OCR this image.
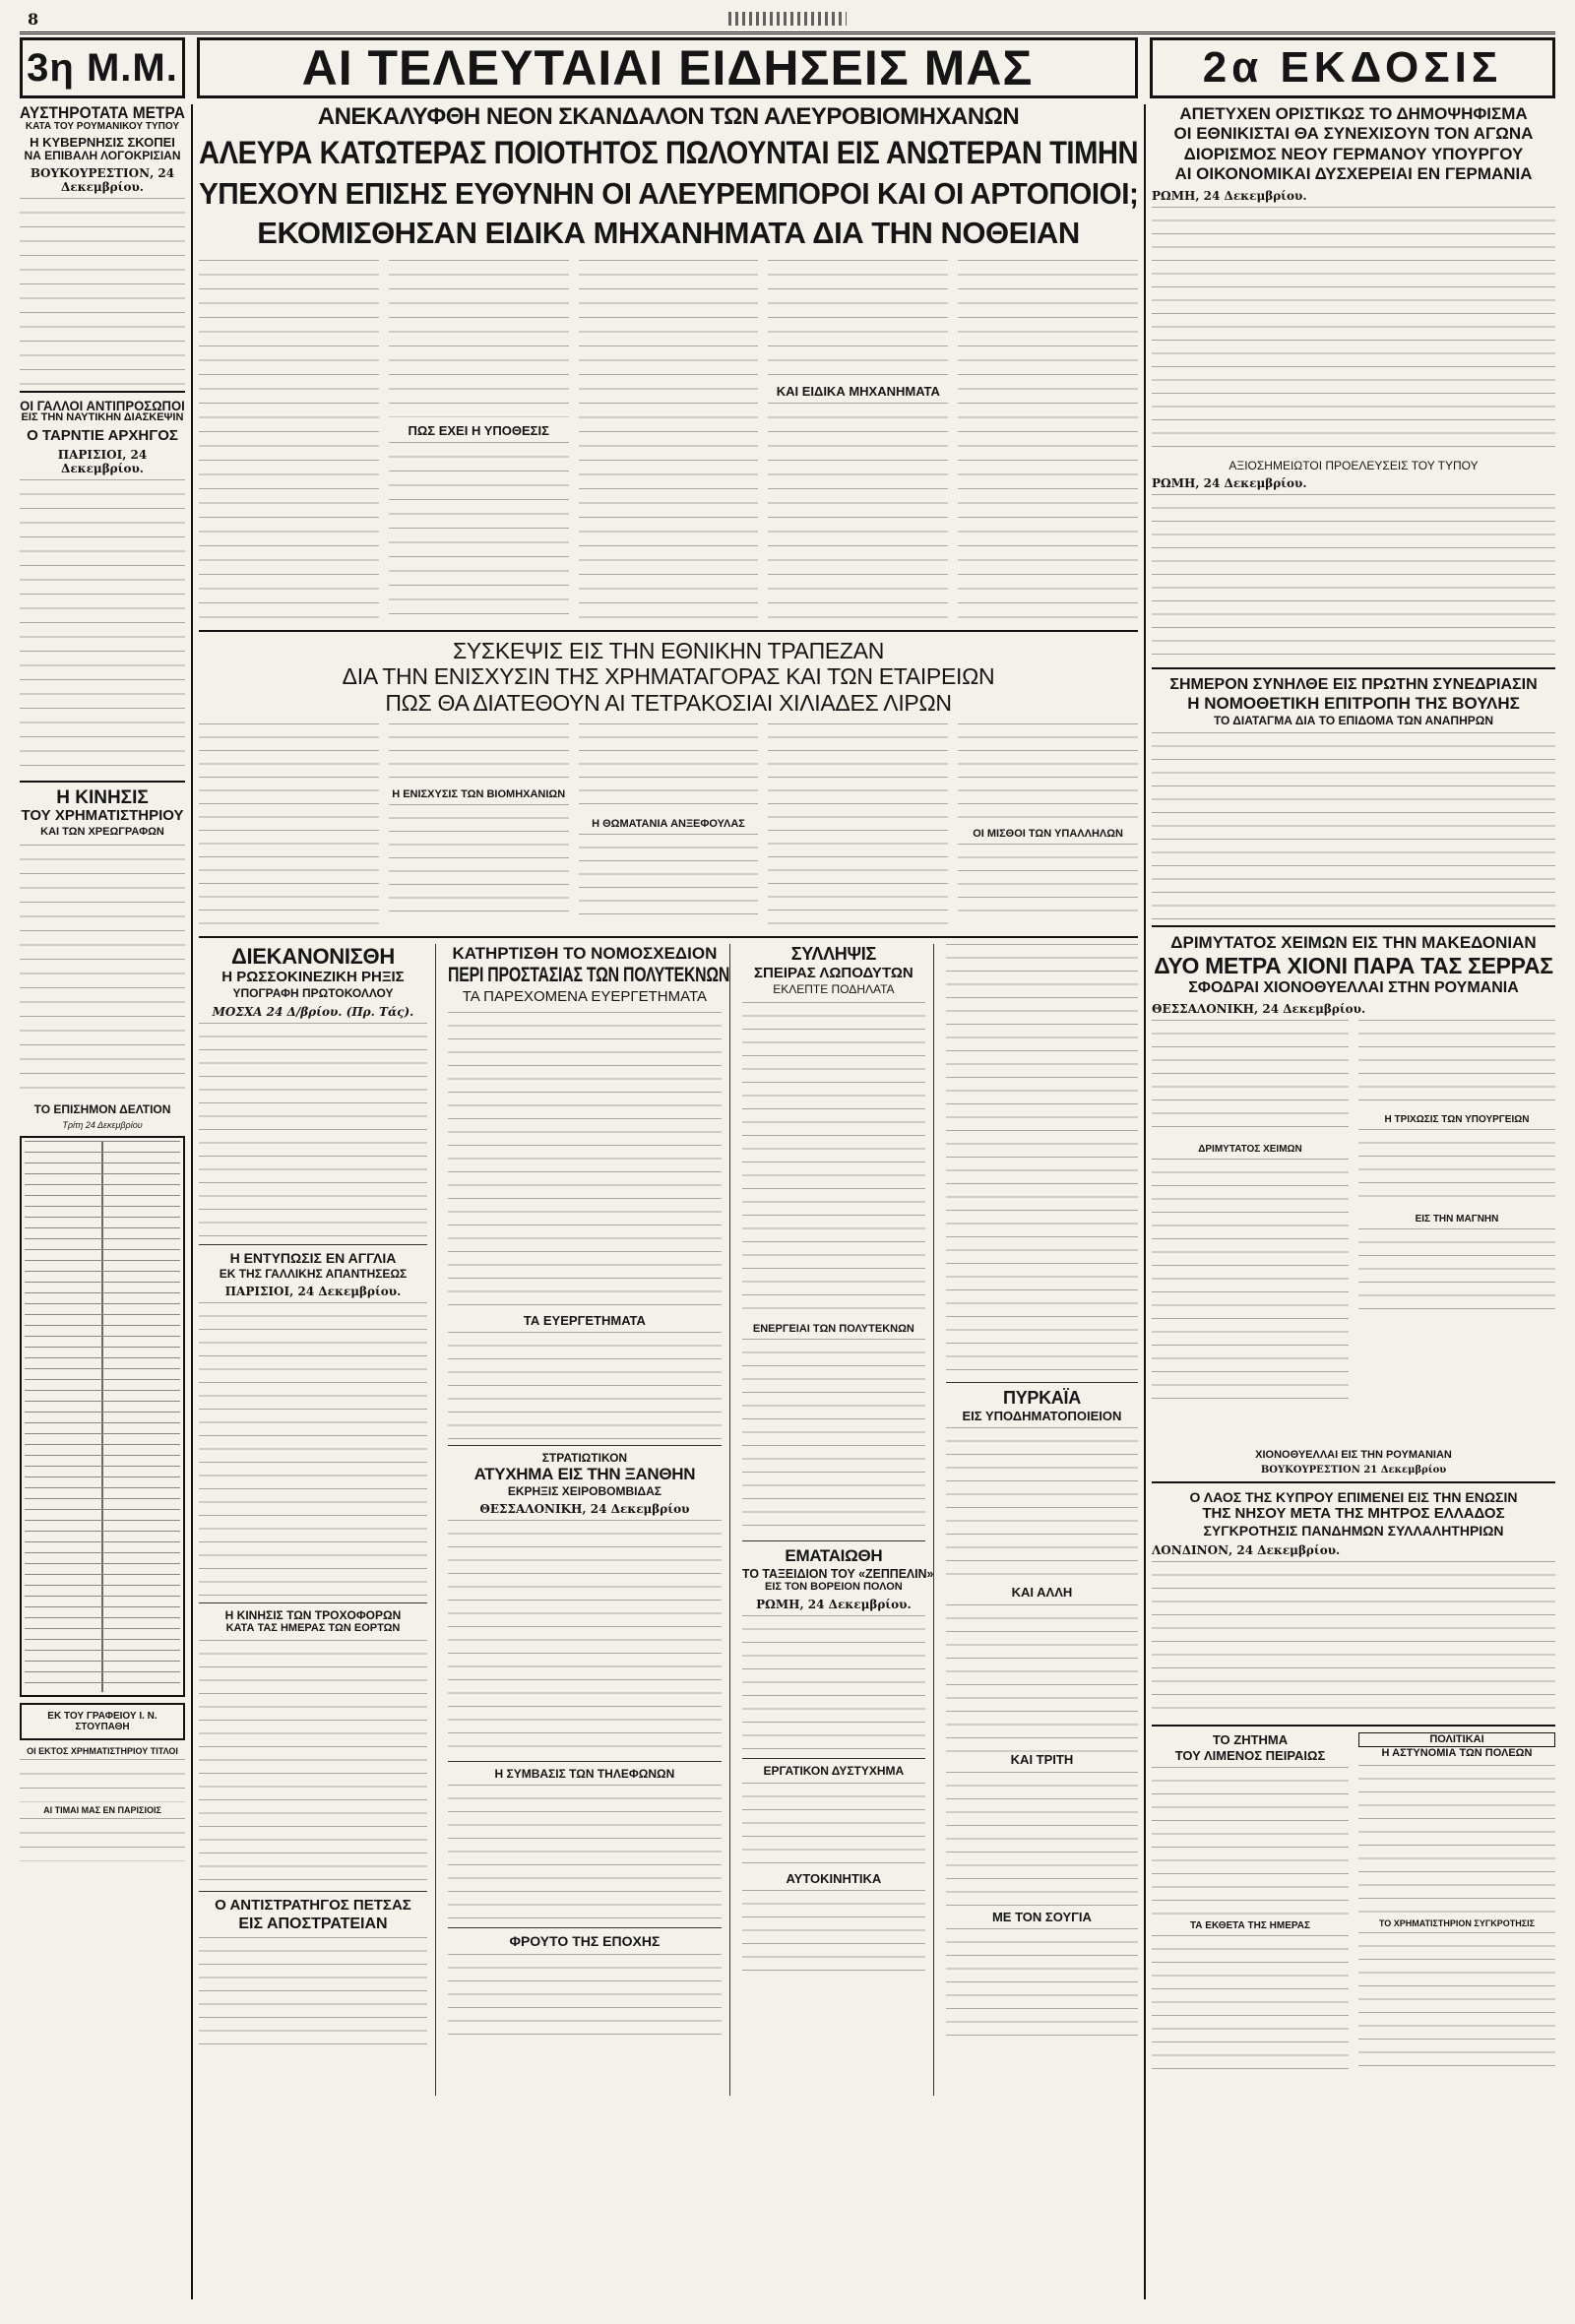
8
3η Μ.Μ.	ΑΙ ΤΕΛΕΥΤΑΙΑΙ ΕΙΔΗΣΕΙΣ ΜΑΣ	2α ΕΚΔΟΣΙΣ
ΑΥΣΤΗΡΟΤΑΤΑ ΜΕΤΡΑ
ΚΑΤΑ ΤΟΥ ΡΟΥΜΑΝΙΚΟΥ ΤΥΠΟΥ
Η ΚΥΒΕΡΝΗΣΙΣ ΣΚΟΠΕΙ
ΝΑ ΕΠΙΒΑΛΗ ΛΟΓΟΚΡΙΣΙΑΝ
ΒΟΥΚΟΥΡΕΣΤΙΟΝ, 24 Δεκεμβρίου.
ΟΙ ΓΑΛΛΟΙ ΑΝΤΙΠΡΟΣΩΠΟΙ
ΕΙΣ ΤΗΝ ΝΑΥΤΙΚΗΝ ΔΙΑΣΚΕΨΙΝ
Ο ΤΑΡΝΤΙΕ ΑΡΧΗΓΟΣ
ΠΑΡΙΣΙΟΙ, 24 Δεκεμβρίου.
Η ΚΙΝΗΣΙΣ
ΤΟΥ ΧΡΗΜΑΤΙΣΤΗΡΙΟΥ
ΚΑΙ ΤΩΝ ΧΡΕΩΓΡΑΦΩΝ
ΤΟ ΕΠΙΣΗΜΟΝ ΔΕΛΤΙΟΝ
Τρίτη 24 Δεκεμβρίου
ΕΚ ΤΟΥ ΓΡΑΦΕΙΟΥ Ι. Ν. ΣΤΟΥΠΑΘΗ
ΟΙ ΕΚΤΟΣ ΧΡΗΜΑΤΙΣΤΗΡΙΟΥ ΤΙΤΛΟΙ
ΑΙ ΤΙΜΑΙ ΜΑΣ ΕΝ ΠΑΡΙΣΙΟΙΣ
ΑΝΕΚΑΛΥΦΘΗ ΝΕΟΝ ΣΚΑΝΔΑΛΟΝ ΤΩΝ ΑΛΕΥΡΟΒΙΟΜΗΧΑΝΩΝ
ΑΛΕΥΡΑ ΚΑΤΩΤΕΡΑΣ ΠΟΙΟΤΗΤΟΣ ΠΩΛΟΥΝΤΑΙ ΕΙΣ ΑΝΩΤΕΡΑΝ ΤΙΜΗΝ
ΥΠΕΧΟΥΝ ΕΠΙΣΗΣ ΕΥΘΥΝΗΝ ΟΙ ΑΛΕΥΡΕΜΠΟΡΟΙ ΚΑΙ ΟΙ ΑΡΤΟΠΟΙΟΙ;
ΕΚΟΜΙΣΘΗΣΑΝ ΕΙΔΙΚΑ ΜΗΧΑΝΗΜΑΤΑ ΔΙΑ ΤΗΝ ΝΟΘΕΙΑΝ
ΠΩΣ ΕΧΕΙ Η ΥΠΟΘΕΣΙΣ
ΚΑΙ ΕΙΔΙΚΑ ΜΗΧΑΝΗΜΑΤΑ
ΣΥΣΚΕΨΙΣ ΕΙΣ ΤΗΝ ΕΘΝΙΚΗΝ ΤΡΑΠΕΖΑΝ
ΔΙΑ ΤΗΝ ΕΝΙΣΧΥΣΙΝ ΤΗΣ ΧΡΗΜΑΤΑΓΟΡΑΣ ΚΑΙ ΤΩΝ ΕΤΑΙΡΕΙΩΝ
ΠΩΣ ΘΑ ΔΙΑΤΕΘΟΥΝ ΑΙ ΤΕΤΡΑΚΟΣΙΑΙ ΧΙΛΙΑΔΕΣ ΛΙΡΩΝ
Η ΕΝΙΣΧΥΣΙΣ ΤΩΝ ΒΙΟΜΗΧΑΝΙΩΝ
Η ΘΩΜΑΤΑΝΙΑ ΑΝΞΕΦΟΥΛΑΣ
ΟΙ ΜΙΣΘΟΙ ΤΩΝ ΥΠΑΛΛΗΛΩΝ
ΔΙΕΚΑΝΟΝΙΣΘΗ
Η ΡΩΣΣΟΚΙΝΕΖΙΚΗ ΡΗΞΙΣ
ΥΠΟΓΡΑΦΗ ΠΡΩΤΟΚΟΛΛΟΥ
ΜΟΣΧΑ 24 Δ/βρίου. (Πρ. Τάς).
Η ΕΝΤΥΠΩΣΙΣ ΕΝ ΑΓΓΛΙΑ
ΕΚ ΤΗΣ ΓΑΛΛΙΚΗΣ ΑΠΑΝΤΗΣΕΩΣ
ΠΑΡΙΣΙΟΙ, 24 Δεκεμβρίου.
Η ΚΙΝΗΣΙΣ ΤΩΝ ΤΡΟΧΟΦΟΡΩΝ
ΚΑΤΑ ΤΑΣ ΗΜΕΡΑΣ ΤΩΝ ΕΟΡΤΩΝ
Ο ΑΝΤΙΣΤΡΑΤΗΓΟΣ ΠΕΤΣΑΣ
ΕΙΣ ΑΠΟΣΤΡΑΤΕΙΑΝ
ΚΑΤΗΡΤΙΣΘΗ ΤΟ ΝΟΜΟΣΧΕΔΙΟΝ
ΠΕΡΙ ΠΡΟΣΤΑΣΙΑΣ ΤΩΝ ΠΟΛΥΤΕΚΝΩΝ
ΤΑ ΠΑΡΕΧΟΜΕΝΑ ΕΥΕΡΓΕΤΗΜΑΤΑ
ΤΑ ΕΥΕΡΓΕΤΗΜΑΤΑ
ΣΤΡΑΤΙΩΤΙΚΟΝ
ΑΤΥΧΗΜΑ ΕΙΣ ΤΗΝ ΞΑΝΘΗΝ
ΕΚΡΗΞΙΣ ΧΕΙΡΟΒΟΜΒΙΔΑΣ
ΘΕΣΣΑΛΟΝΙΚΗ, 24 Δεκεμβρίου
Η ΣΥΜΒΑΣΙΣ ΤΩΝ ΤΗΛΕΦΩΝΩΝ
ΦΡΟΥΤΟ ΤΗΣ ΕΠΟΧΗΣ
ΣΥΛΛΗΨΙΣ
ΣΠΕΙΡΑΣ ΛΩΠΟΔΥΤΩΝ
ΕΚΛΕΠΤΕ ΠΟΔΗΛΑΤΑ
ΕΝΕΡΓΕΙΑΙ ΤΩΝ ΠΟΛΥΤΕΚΝΩΝ
ΕΜΑΤΑΙΩΘΗ
ΤΟ ΤΑΞΕΙΔΙΟΝ ΤΟΥ «ΖΕΠΠΕΛΙΝ»
ΕΙΣ ΤΟΝ ΒΟΡΕΙΟΝ ΠΟΛΟΝ
ΡΩΜΗ, 24 Δεκεμβρίου.
ΕΡΓΑΤΙΚΟΝ ΔΥΣΤΥΧΗΜΑ
ΑΥΤΟΚΙΝΗΤΙΚΑ
ΠΥΡΚΑΪΑ
ΕΙΣ ΥΠΟΔΗΜΑΤΟΠΟΙΕΙΟΝ
ΚΑΙ ΑΛΛΗ
ΚΑΙ ΤΡΙΤΗ
ΜΕ ΤΟΝ ΣΟΥΓΙΑ
ΑΠΕΤΥΧΕΝ ΟΡΙΣΤΙΚΩΣ ΤΟ ΔΗΜΟΨΗΦΙΣΜΑ
ΟΙ ΕΘΝΙΚΙΣΤΑΙ ΘΑ ΣΥΝΕΧΙΣΟΥΝ ΤΟΝ ΑΓΩΝΑ
ΔΙΟΡΙΣΜΟΣ ΝΕΟΥ ΓΕΡΜΑΝΟΥ ΥΠΟΥΡΓΟΥ
ΑΙ ΟΙΚΟΝΟΜΙΚΑΙ ΔΥΣΧΕΡΕΙΑΙ ΕΝ ΓΕΡΜΑΝΙΑ
ΡΩΜΗ, 24 Δεκεμβρίου.
ΑΞΙΟΣΗΜΕΙΩΤΟΙ ΠΡΟΕΛΕΥΣΕΙΣ ΤΟΥ ΤΥΠΟΥ
ΡΩΜΗ, 24 Δεκεμβρίου.
ΣΗΜΕΡΟΝ ΣΥΝΗΛΘΕ ΕΙΣ ΠΡΩΤΗΝ ΣΥΝΕΔΡΙΑΣΙΝ
Η ΝΟΜΟΘΕΤΙΚΗ ΕΠΙΤΡΟΠΗ ΤΗΣ ΒΟΥΛΗΣ
ΤΟ ΔΙΑΤΑΓΜΑ ΔΙΑ ΤΟ ΕΠΙΔΟΜΑ ΤΩΝ ΑΝΑΠΗΡΩΝ
ΔΡΙΜΥΤΑΤΟΣ ΧΕΙΜΩΝ ΕΙΣ ΤΗΝ ΜΑΚΕΔΟΝΙΑΝ
ΔΥΟ ΜΕΤΡΑ ΧΙΟΝΙ ΠΑΡΑ ΤΑΣ ΣΕΡΡΑΣ
ΣΦΟΔΡΑΙ ΧΙΟΝΟΘΥΕΛΛΑΙ ΣΤΗΝ ΡΟΥΜΑΝΙΑ
ΘΕΣΣΑΛΟΝΙΚΗ, 24 Δεκεμβρίου.
ΔΡΙΜΥΤΑΤΟΣ ΧΕΙΜΩΝ
Η ΤΡΙΧΩΣΙΣ ΤΩΝ ΥΠΟΥΡΓΕΙΩΝ
ΕΙΣ ΤΗΝ ΜΑΓΝΗΝ
ΧΙΟΝΟΘΥΕΛΛΑΙ ΕΙΣ ΤΗΝ ΡΟΥΜΑΝΙΑΝ
ΒΟΥΚΟΥΡΕΣΤΙΟΝ 21 Δεκεμβρίου
Ο ΛΑΟΣ ΤΗΣ ΚΥΠΡΟΥ ΕΠΙΜΕΝΕΙ ΕΙΣ ΤΗΝ ΕΝΩΣΙΝ
ΤΗΣ ΝΗΣΟΥ ΜΕΤΑ ΤΗΣ ΜΗΤΡΟΣ ΕΛΛΑΔΟΣ
ΣΥΓΚΡΟΤΗΣΙΣ ΠΑΝΔΗΜΩΝ ΣΥΛΛΑΛΗΤΗΡΙΩΝ
ΛΟΝΔΙΝΟΝ, 24 Δεκεμβρίου.
ΤΟ ΖΗΤΗΜΑ
ΤΟΥ ΛΙΜΕΝΟΣ ΠΕΙΡΑΙΩΣ
ΤΑ ΕΚΘΕΤΑ ΤΗΣ ΗΜΕΡΑΣ
ΠΟΛΙΤΙΚΑΙ
Η ΑΣΤΥΝΟΜΙΑ ΤΩΝ ΠΟΛΕΩΝ
ΤΟ ΧΡΗΜΑΤΙΣΤΗΡΙΟΝ ΣΥΓΚΡΟΤΗΣΙΣ
